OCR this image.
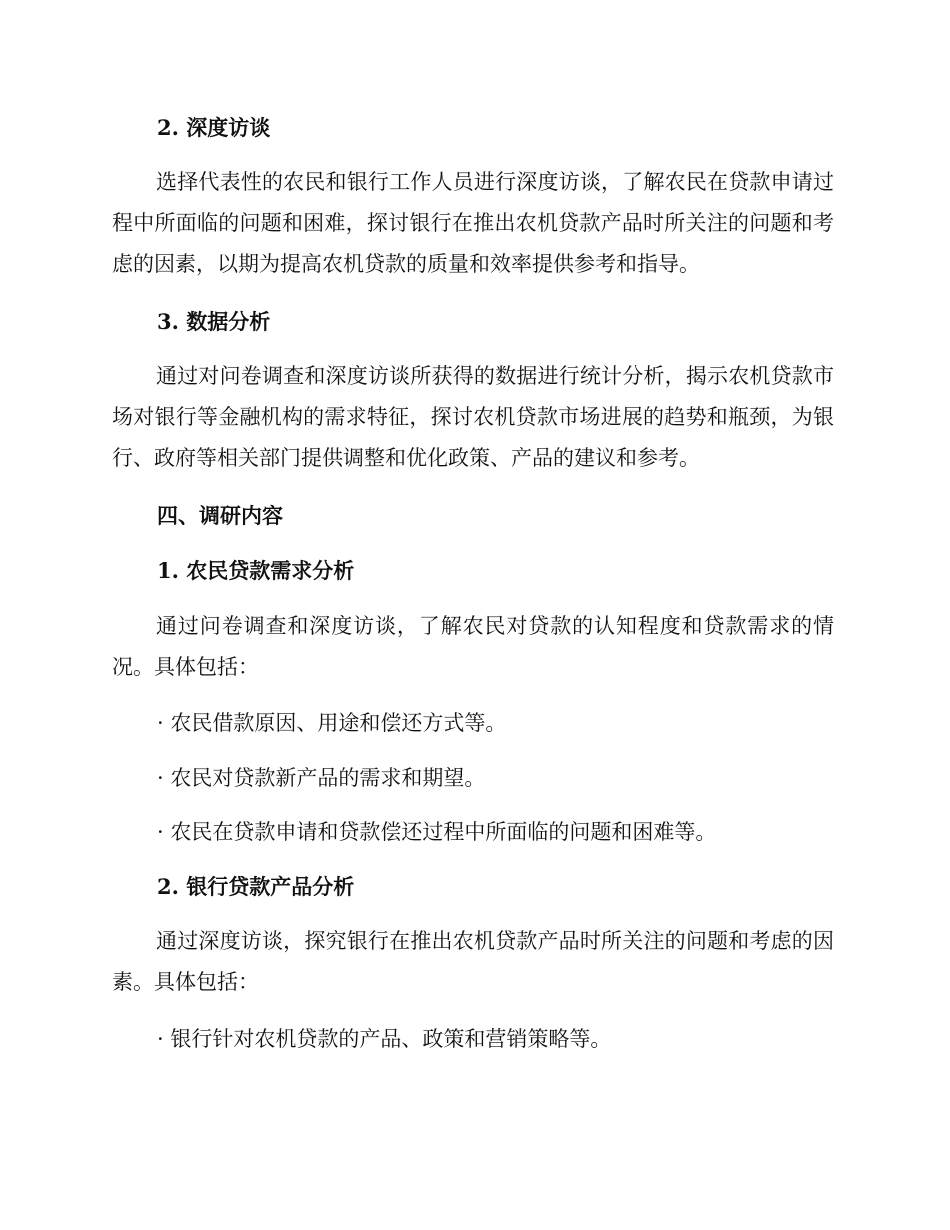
2. 深度访谈

选择代表性的农民和银行工作人员进行深度访谈，了解农民在贷款申请过程中所面临的问题和困难，探讨银行在推出农机贷款产品时所关注的问题和考虑的因素，以期为提高农机贷款的质量和效率提供参考和指导。

3. 数据分析

通过对问卷调查和深度访谈所获得的数据进行统计分析，揭示农机贷款市场对银行等金融机构的需求特征，探讨农机贷款市场进展的趋势和瓶颈，为银行、政府等相关部门提供调整和优化政策、产品的建议和参考。

四、调研内容
1. 农民贷款需求分析

通过问卷调查和深度访谈，了解农民对贷款的认知程度和贷款需求的情况。具体包括：

· 农民借款原因、用途和偿还方式等。
· 农民对贷款新产品的需求和期望。
· 农民在贷款申请和贷款偿还过程中所面临的问题和困难等。
2. 银行贷款产品分析

通过深度访谈，探究银行在推出农机贷款产品时所关注的问题和考虑的因素。具体包括：

· 银行针对农机贷款的产品、政策和营销策略等。
